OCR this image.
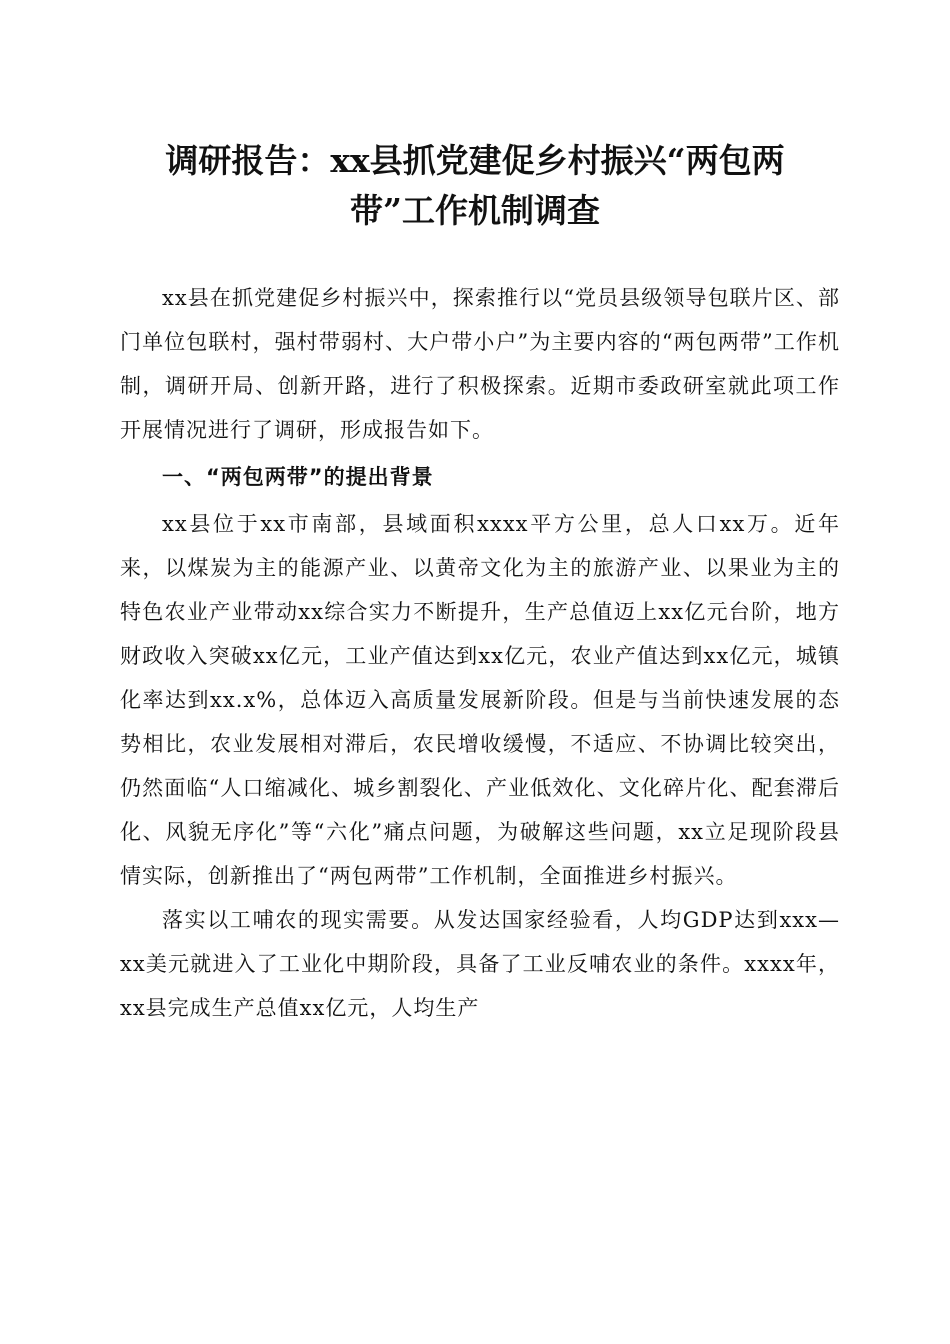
调研报告：xx县抓党建促乡村振兴“两包两
带”工作机制调查

xx县在抓党建促乡村振兴中，探索推行以“党员县级领导包联片区、部门单位包联村，强村带弱村、大户带小户”为主要内容的“两包两带”工作机制，调研开局、创新开路，进行了积极探索。近期市委政研室就此项工作开展情况进行了调研，形成报告如下。

一、“两包两带”的提出背景

xx县位于xx市南部，县域面积xxxx平方公里，总人口xx万。近年来，以煤炭为主的能源产业、以黄帝文化为主的旅游产业、以果业为主的特色农业产业带动xx综合实力不断提升，生产总值迈上xx亿元台阶，地方财政收入突破xx亿元，工业产值达到xx亿元，农业产值达到xx亿元，城镇化率达到xx.x%，总体迈入高质量发展新阶段。但是与当前快速发展的态势相比，农业发展相对滞后，农民增收缓慢，不适应、不协调比较突出，仍然面临“人口缩减化、城乡割裂化、产业低效化、文化碎片化、配套滞后化、风貌无序化”等“六化”痛点问题，为破解这些问题，xx立足现阶段县情实际，创新推出了“两包两带”工作机制，全面推进乡村振兴。

落实以工哺农的现实需要。从发达国家经验看，人均GDP达到xxx—xx美元就进入了工业化中期阶段，具备了工业反哺农业的条件。xxxx年，xx县完成生产总值xx亿元，人均生产
